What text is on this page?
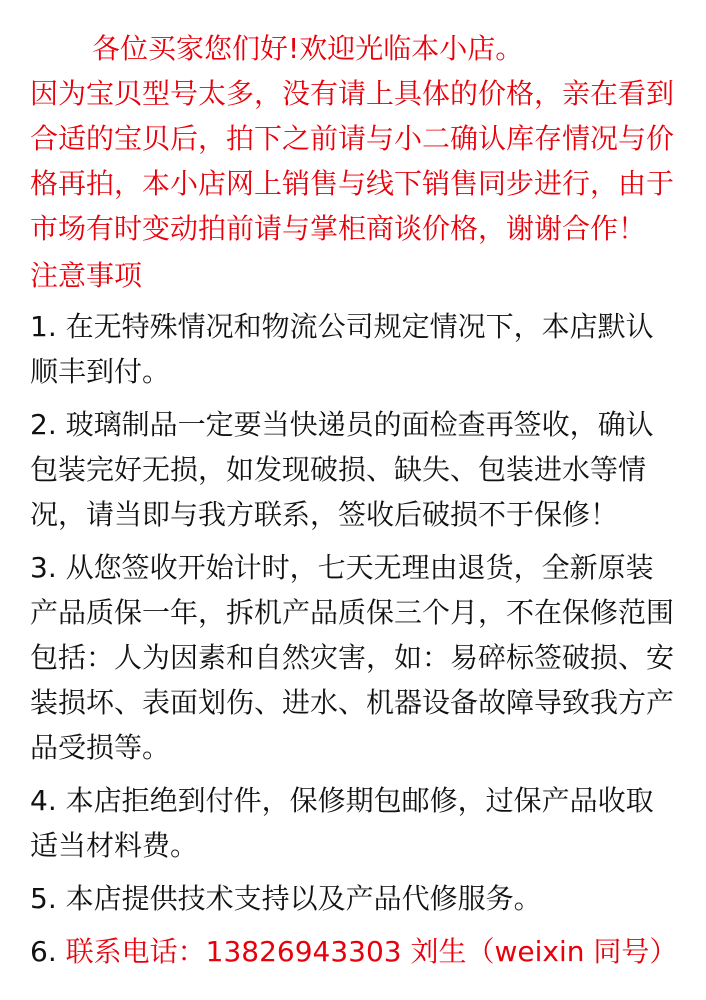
各位买家您们好!欢迎光临本小店。

因为宝贝型号太多，没有请上具体的价格，亲在看到合适的宝贝后，拍下之前请与小二确认库存情况与价格再拍，本小店网上销售与线下销售同步进行，由于市场有时变动拍前请与掌柜商谈价格，谢谢合作！

注意事项

1. 在无特殊情况和物流公司规定情况下，本店默认顺丰到付。

2. 玻璃制品一定要当快递员的面检查再签收，确认包装完好无损，如发现破损、缺失、包装进水等情况，请当即与我方联系，签收后破损不于保修！

3. 从您签收开始计时，七天无理由退货，全新原装产品质保一年，拆机产品质保三个月，不在保修范围包括：人为因素和自然灾害，如：易碎标签破损、安装损坏、表面划伤、进水、机器设备故障导致我方产品受损等。

4. 本店拒绝到付件，保修期包邮修，过保产品收取适当材料费。

5. 本店提供技术支持以及产品代修服务。

6. 联系电话：13826943303 刘生（weixin 同号）
